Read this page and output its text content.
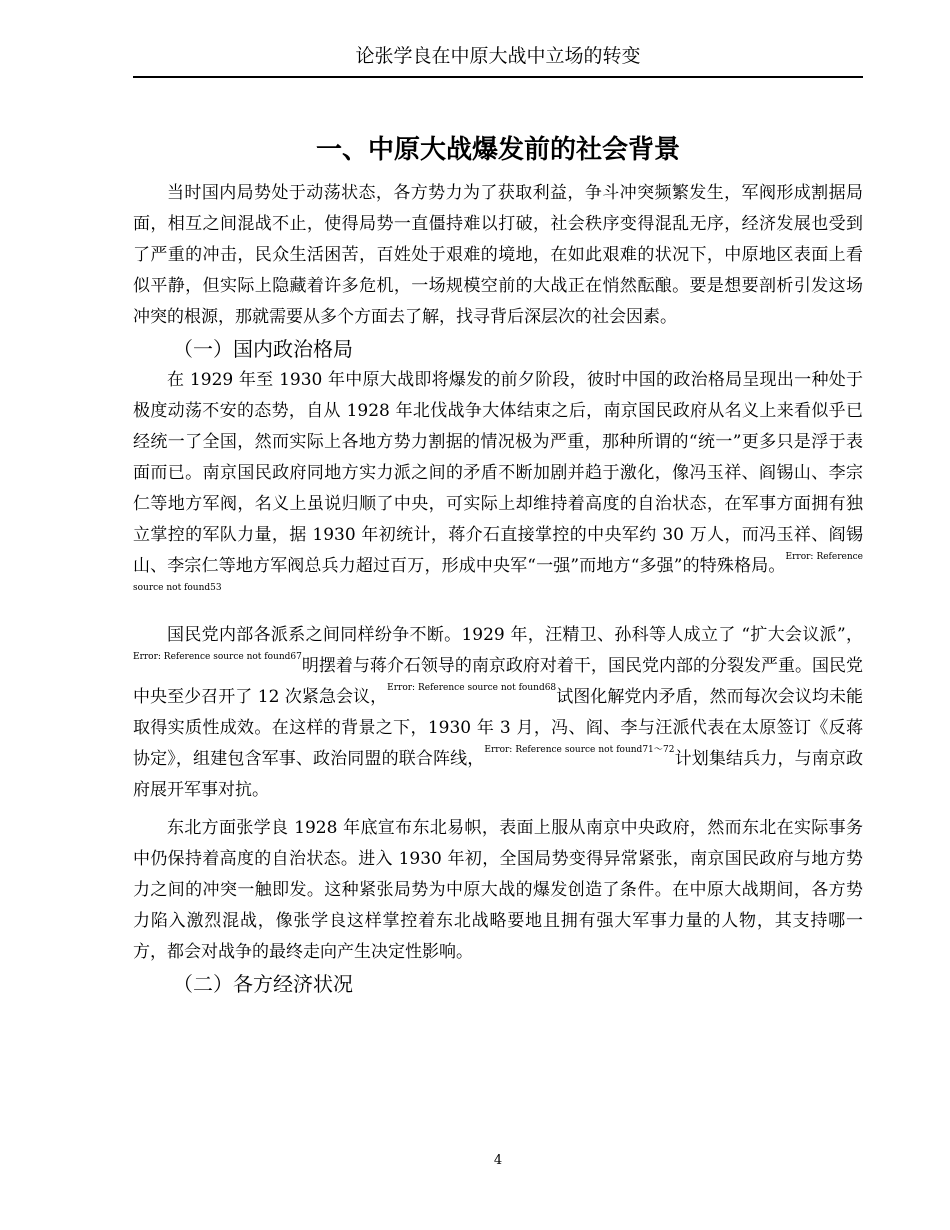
论张学良在中原大战中立场的转变
一、中原大战爆发前的社会背景

当时国内局势处于动荡状态，各方势力为了获取利益，争斗冲突频繁发生，军阀形成割据局面，相互之间混战不止，使得局势一直僵持难以打破，社会秩序变得混乱无序，经济发展也受到了严重的冲击，民众生活困苦，百姓处于艰难的境地，在如此艰难的状况下，中原地区表面上看似平静，但实际上隐藏着许多危机，一场规模空前的大战正在悄然酝酿。要是想要剖析引发这场冲突的根源，那就需要从多个方面去了解，找寻背后深层次的社会因素。

（一）国内政治格局

在 1929 年至 1930 年中原大战即将爆发的前夕阶段，彼时中国的政治格局呈现出一种处于极度动荡不安的态势，自从 1928 年北伐战争大体结束之后，南京国民政府从名义上来看似乎已经统一了全国，然而实际上各地方势力割据的情况极为严重，那种所谓的“统一”更多只是浮于表面而已。南京国民政府同地方实力派之间的矛盾不断加剧并趋于激化，像冯玉祥、阎锡山、李宗仁等地方军阀，名义上虽说归顺了中央，可实际上却维持着高度的自治状态，在军事方面拥有独立掌控的军队力量，据 1930 年初统计，蒋介石直接掌控的中央军约 30 万人，而冯玉祥、阎锡山、李宗仁等地方军阀总兵力超过百万，形成中央军“一强”而地方“多强”的特殊格局。$^{Error: Reference source not found53}$

国民党内部各派系之间同样纷争不断。1929 年，汪精卫、孙科等人成立了 “扩大会议派”，$^{Error: Reference source not found67}$明摆着与蒋介石领导的南京政府对着干，国民党内部的分裂发严重。国民党中央至少召开了 12 次紧急会议，$^{Error: Reference source not found68}$试图化解党内矛盾，然而每次会议均未能取得实质性成效。在这样的背景之下，1930 年 3 月，冯、阎、李与汪派代表在太原签订《反蒋协定》，组建包含军事、政治同盟的联合阵线，$^{Error: Reference source not found71\sim 72}$计划集结兵力，与南京政府展开军事对抗。

东北方面张学良 1928 年底宣布东北易帜，表面上服从南京中央政府，然而东北在实际事务中仍保持着高度的自治状态。进入 1930 年初，全国局势变得异常紧张，南京国民政府与地方势力之间的冲突一触即发。这种紧张局势为中原大战的爆发创造了条件。在中原大战期间，各方势力陷入激烈混战，像张学良这样掌控着东北战略要地且拥有强大军事力量的人物，其支持哪一方，都会对战争的最终走向产生决定性影响。

（二）各方经济状况
4
